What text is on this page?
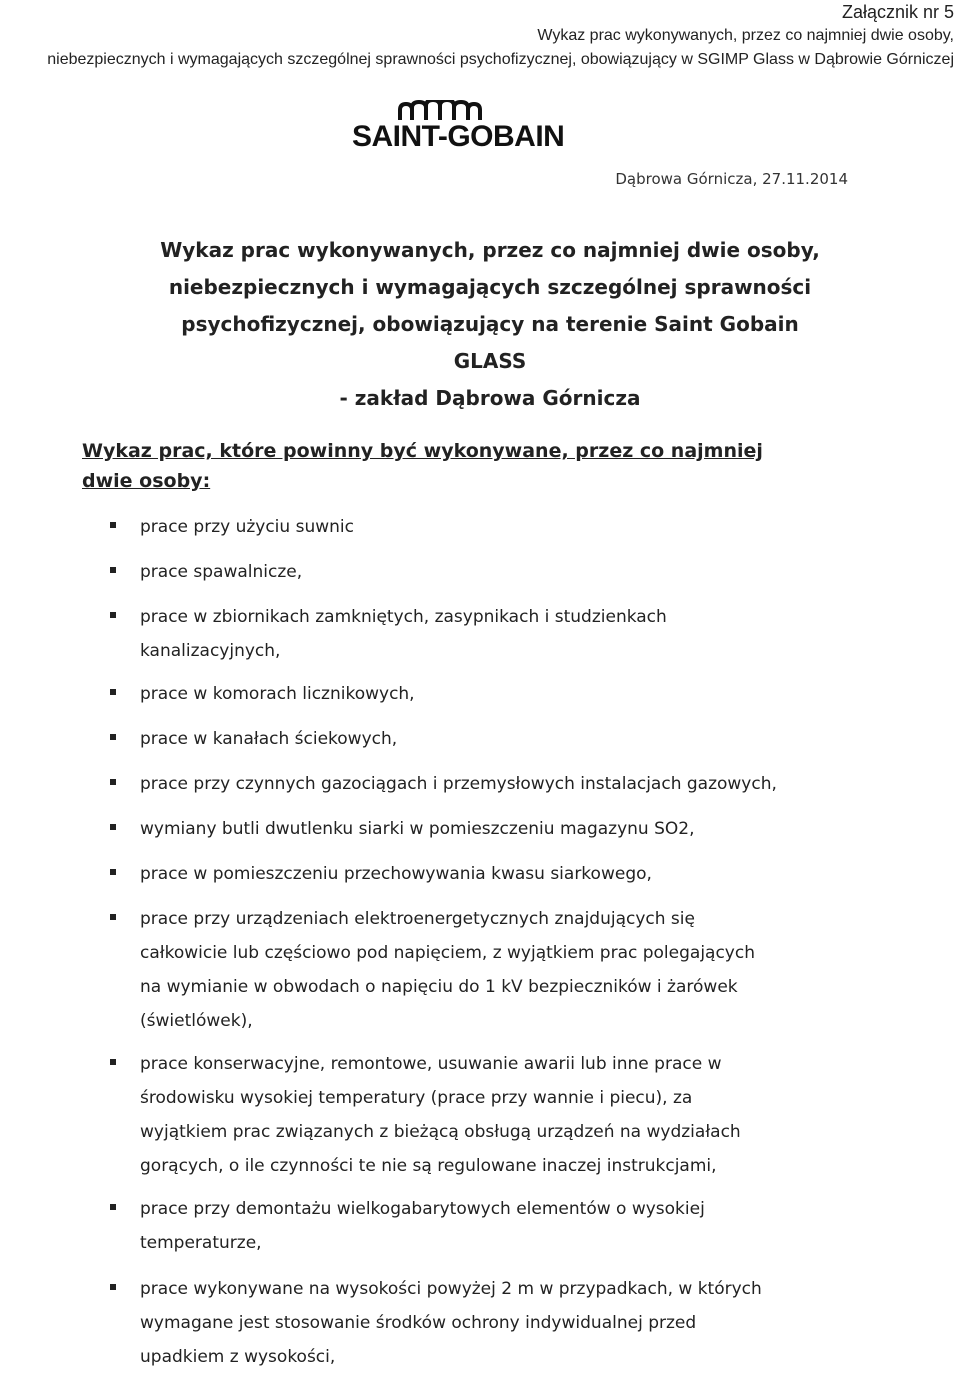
Załącznik nr 5
Wykaz prac wykonywanych, przez co najmniej dwie osoby,
niebezpiecznych i wymagających szczególnej sprawności psychofizycznej, obowiązujący w SGIMP Glass w Dąbrowie Górniczej
SAINT-GOBAIN
Dąbrowa Górnicza, 27.11.2014
Wykaz prac wykonywanych, przez co najmniej dwie osoby,
niebezpiecznych i wymagających szczególnej sprawności
psychofizycznej, obowiązujący na terenie Saint Gobain GLASS
- zakład Dąbrowa Górnicza
Wykaz prac, które powinny być wykonywane, przez co najmniej
dwie osoby:
prace przy użyciu suwnic
prace spawalnicze,
prace w zbiornikach zamkniętych, zasypnikach i studzienkach
kanalizacyjnych,
prace w komorach licznikowych,
prace w kanałach ściekowych,
prace przy czynnych gazociągach i przemysłowych instalacjach gazowych,
wymiany butli dwutlenku siarki w pomieszczeniu magazynu SO2,
prace w pomieszczeniu przechowywania kwasu siarkowego,
prace przy urządzeniach elektroenergetycznych znajdujących się
całkowicie lub częściowo pod napięciem, z wyjątkiem prac polegających
na wymianie w obwodach o napięciu do 1 kV bezpieczników i żarówek
(świetlówek),
prace konserwacyjne, remontowe, usuwanie awarii lub inne prace w
środowisku wysokiej temperatury (prace przy wannie i piecu), za
wyjątkiem prac związanych z bieżącą obsługą urządzeń na wydziałach
gorących, o ile czynności te nie są regulowane inaczej instrukcjami,
prace przy demontażu wielkogabarytowych elementów o wysokiej
temperaturze,
prace wykonywane na wysokości powyżej 2 m w przypadkach, w których
wymagane jest stosowanie środków ochrony indywidualnej przed
upadkiem z wysokości,
